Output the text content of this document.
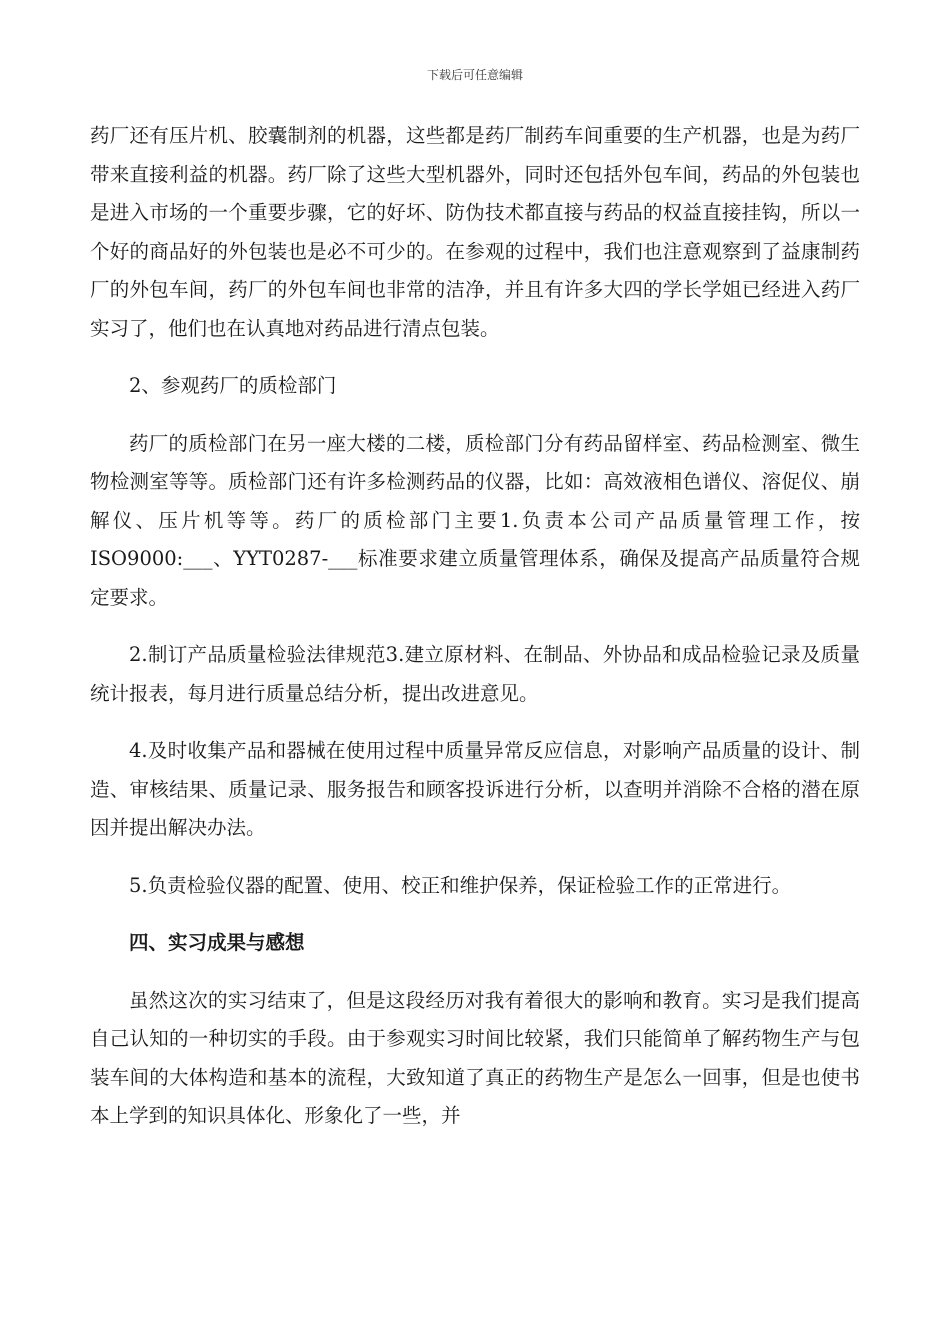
下载后可任意编辑

药厂还有压片机、胶囊制剂的机器，这些都是药厂制药车间重要的生产机器，也是为药厂带来直接利益的机器。药厂除了这些大型机器外，同时还包括外包车间，药品的外包装也是进入市场的一个重要步骤，它的好坏、防伪技术都直接与药品的权益直接挂钩，所以一个好的商品好的外包装也是必不可少的。在参观的过程中，我们也注意观察到了益康制药厂的外包车间，药厂的外包车间也非常的洁净，并且有许多大四的学长学姐已经进入药厂实习了，他们也在认真地对药品进行清点包装。

2、参观药厂的质检部门

药厂的质检部门在另一座大楼的二楼，质检部门分有药品留样室、药品检测室、微生物检测室等等。质检部门还有许多检测药品的仪器，比如：高效液相色谱仪、溶促仪、崩解仪、压片机等等。药厂的质检部门主要1.负责本公司产品质量管理工作，按ISO9000:___、YYT0287-___标准要求建立质量管理体系，确保及提高产品质量符合规定要求。

2.制订产品质量检验法律规范3.建立原材料、在制品、外协品和成品检验记录及质量统计报表，每月进行质量总结分析，提出改进意见。

4.及时收集产品和器械在使用过程中质量异常反应信息，对影响产品质量的设计、制造、审核结果、质量记录、服务报告和顾客投诉进行分析，以查明并消除不合格的潜在原因并提出解决办法。

5.负责检验仪器的配置、使用、校正和维护保养，保证检验工作的正常进行。

四、实习成果与感想

虽然这次的实习结束了，但是这段经历对我有着很大的影响和教育。实习是我们提高自己认知的一种切实的手段。由于参观实习时间比较紧，我们只能简单了解药物生产与包装车间的大体构造和基本的流程，大致知道了真正的药物生产是怎么一回事，但是也使书本上学到的知识具体化、形象化了一些，并
